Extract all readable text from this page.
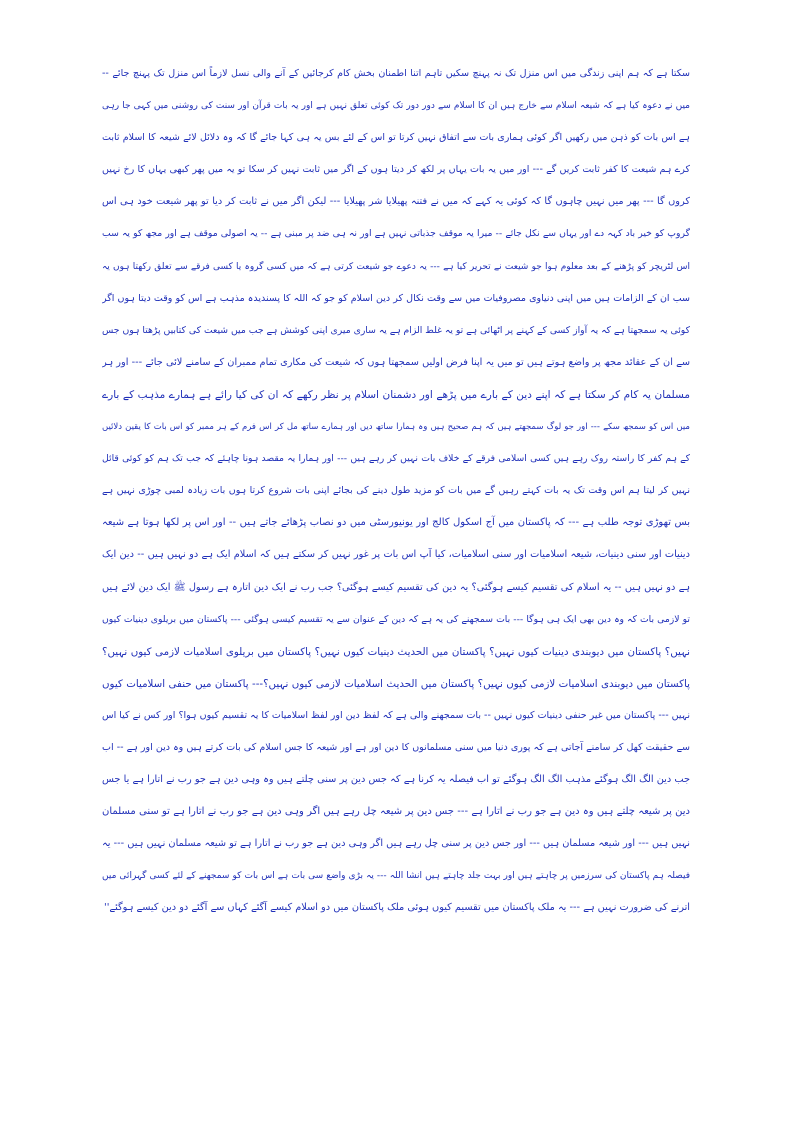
سکتا ہے کہ ہم اپنی زندگی میں اس منزل تک نہ پہنچ سکیں تاہم اتنا اطمنان بخش کام کرجائیں کے آنے والی نسل لازماً اس منزل تک پہنچ جائے --
میں نے دعوہ کیا ہے کہ شیعہ اسلام سے خارج ہیں ان کا اسلام سے دور دور تک کوئی تعلق نہیں ہے اور یہ بات قرآن اور سنت کی روشنی میں کہی جا رہی
ہے اس بات کو ذہن میں رکھیں اگر کوئی ہماری بات سے اتفاق نہیں کرتا تو اس کے لئے بس یہ ہی کہا جائے گا کہ وہ دلائل لائے شیعہ کا اسلام ثابت
کرے ہم شیعت کا کفر ثابت کریں گے --- اور میں یہ بات یہاں پر لکھ کر دیتا ہوں کے اگر میں ثابت نہیں کر سکا تو یہ میں پھر کبھی یہاں کا رخ نہیں
کروں گا --- پھر میں نہیں چاہوں گا کہ کوئی یہ کہے کہ میں نے فتنہ پھیلایا شر پھیلایا --- لیکن اگر میں نے ثابت کر دیا تو پھر شیعت خود ہی اس
گروپ کو خیر باد کہہ دے اور یہاں سے نکل جائے -- میرا یہ موقف جذباتی نہیں ہے اور نہ ہی ضد پر مبنی ہے -- یہ اصولی موقف ہے اور مجھ کو یہ سب
اس لٹریچر کو پڑھنے کے بعد معلوم ہوا جو شیعت نے تحریر کیا ہے --- یہ دعوے جو شیعت کرتی ہے کہ میں کسی گروہ یا کسی فرقے سے تعلق رکھتا ہوں یہ
سب ان کے الزامات ہیں میں اپنی دنیاوی مصروفیات میں سے وقت نکال کر دین اسلام کو جو کہ اللہ کا پسندیدہ مذہب ہے اس کو وقت دیتا ہوں اگر
کوئی یہ سمجھتا ہے کہ یہ آواز کسی کے کہنے پر اٹھائی ہے تو یہ غلط الزام ہے یہ ساری میری اپنی کوشش ہے جب میں شیعت کی کتابیں پڑھتا ہوں جس
سے ان کے عقائد مجھ پر واضع ہوتے ہیں تو میں یہ اپنا فرض اولیں سمجھتا ہوں کہ شیعت کی مکاری تمام ممبران کے سامنے لائی جائے --- اور ہر
مسلمان یہ کام کر سکتا ہے کہ اپنے دین کے بارے میں پڑھے اور دشمنان اسلام پر نظر رکھے کہ ان کی کیا رائے ہے ہمارے مذہب کے بارے
میں اس کو سمجھ سکے --- اور جو لوگ سمجھتے ہیں کہ ہم صحیح ہیں وہ ہمارا ساتھ دیں اور ہمارے ساتھ مل کر اس فرم کے ہر ممبر کو اس بات کا یقین دلائیں
کے ہم کفر کا راستہ روک رہے ہیں کسی اسلامی فرقے کے خلاف بات نہیں کر رہے ہیں --- اور ہمارا یہ مقصد ہونا چاہئے کہ جب تک ہم کو کوئی قائل
نہیں کر لیتا ہم اس وقت تک یہ بات کہتے رہیں گے میں بات کو مزید طول دینے کی بجائے اپنی بات شروع کرتا ہوں بات زیادہ لمبی چوڑی نہیں ہے
بس تھوڑی توجہ طلب ہے --- کہ پاکستان میں آج اسکول کالج اور یونیورسٹی میں دو نصاب پڑھائے جاتے ہیں -- اور اس پر لکھا ہوتا ہے شیعہ
دینیات اور سنی دینیات، شیعہ اسلامیات اور سنی اسلامیات، کیا آپ اس بات پر غور نہیں کر سکتے ہیں کہ اسلام ایک ہے دو نہیں ہیں -- دین ایک
ہے دو نہیں ہیں -- یہ اسلام کی تقسیم کیسے ہوگئی؟ یہ دین کی تقسیم کیسے ہوگئی؟ جب رب نے ایک دین اتارہ ہے رسول ﷺ ایک دین لائے ہیں
تو لازمی بات کہ وہ دین بھی ایک ہی ہوگا --- بات سمجھنے کی یہ ہے کہ دین کے عنوان سے یہ تقسیم کیسی ہوگئی --- پاکستان میں بریلوی دینیات کیوں
نہیں؟ پاکستان میں دیوبندی دینیات کیوں نہیں؟ پاکستان میں الحدیث دینیات کیوں نہیں؟ پاکستان میں بریلوی اسلامیات لازمی کیوں نہیں؟
پاکستان میں دیوبندی اسلامیات لازمی کیوں نہیں؟ پاکستان میں الحدیث اسلامیات لازمی کیوں نہیں؟--- پاکستان میں حنفی اسلامیات کیوں
نہیں --- پاکستان میں غیر حنفی دینیات کیوں نہیں -- بات سمجھنے والی ہے کہ لفظ دین اور لفظ اسلامیات کا یہ تقسیم کیوں ہوا؟ اور کس نے کیا اس
سے حقیقت کھل کر سامنے آجاتی ہے کہ پوری دنیا میں سنی مسلمانوں کا دین اور ہے اور شیعہ کا جس اسلام کی بات کرتے ہیں وہ دین اور ہے -- اب
جب دین الگ الگ ہوگئے مذہب الگ الگ ہوگئے تو اب فیصلہ یہ کرنا ہے کہ جس دین پر سنی چلتے ہیں وہ وہی دین ہے جو رب نے اتارا ہے یا جس
دین پر شیعہ چلتے ہیں وہ دین ہے جو رب نے اتارا ہے --- جس دین پر شیعہ چل رہے ہیں اگر وہی دین ہے جو رب نے اتارا ہے تو سنی مسلمان
نہیں ہیں --- اور شیعہ مسلمان ہیں --- اور جس دین پر سنی چل رہے ہیں اگر وہی دین ہے جو رب نے اتارا ہے تو شیعہ مسلمان نہیں ہیں --- یہ
فیصلہ ہم پاکستان کی سرزمیں پر چاہتے ہیں اور بہت جلد چاہتے ہیں انشا اللہ --- یہ بڑی واضع سی بات ہے اس بات کو سمجھنے کے لئے کسی گہرائی میں
اترنے کی ضرورت نہیں ہے --- یہ ملک پاکستان میں تقسیم کیوں ہوئی ملک پاکستان میں دو اسلام کیسے آگئے کہاں سے آگئے دو دین کیسے ہوگئے''
